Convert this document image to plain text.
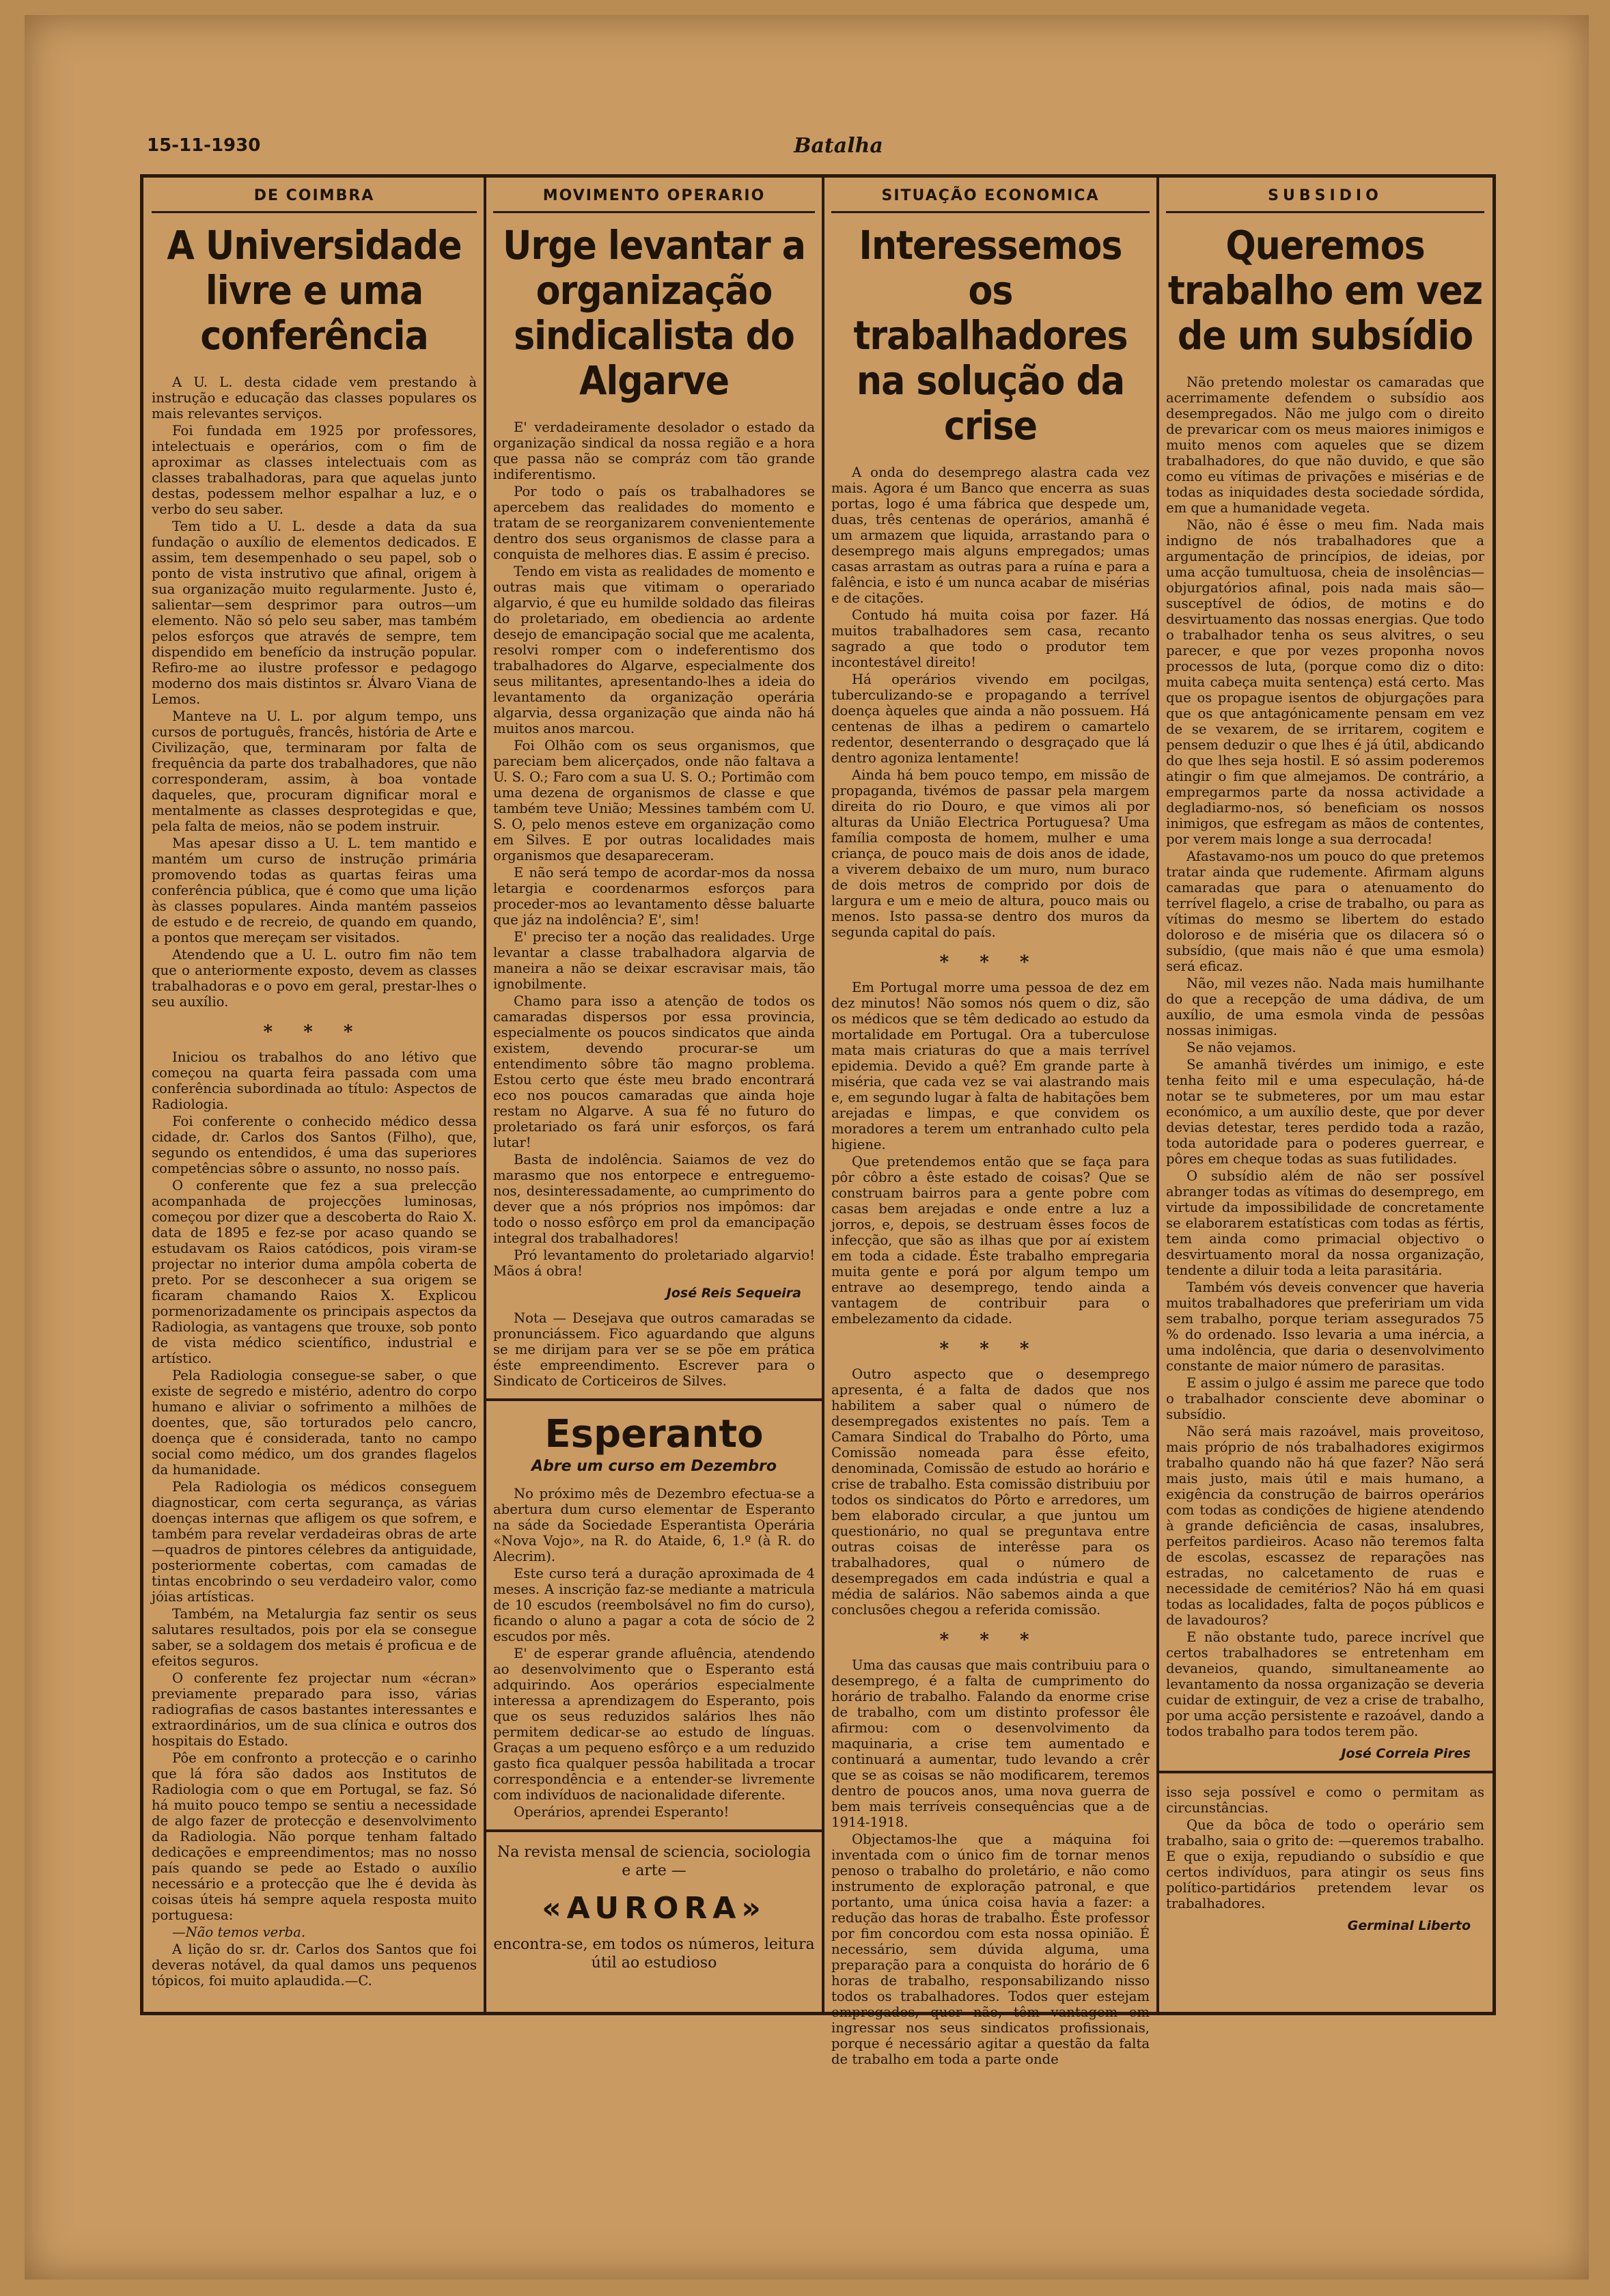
15-11-1930	Batalha
DE COIMBRA
A Universidade livre e uma conferência

A U. L. desta cidade vem prestando à instrução e educação das classes populares os mais relevantes serviços.

Foi fundada em 1925 por professores, intelectuais e operários, com o fim de aproximar as classes intelectuais com as classes trabalhadoras, para que aquelas junto destas, podessem melhor espalhar a luz, e o verbo do seu saber.

Tem tido a U. L. desde a data da sua fundação o auxílio de elementos dedicados. E assim, tem desempenhado o seu papel, sob o ponto de vista instrutivo que afinal, origem à sua organização muito regularmente. Justo é, salientar—sem desprimor para outros—um elemento. Não só pelo seu saber, mas também pelos esforços que através de sempre, tem dispendido em benefício da instrução popular. Refiro-me ao ilustre professor e pedagogo moderno dos mais distintos sr. Álvaro Viana de Lemos.

Manteve na U. L. por algum tempo, uns cursos de português, francês, história de Arte e Civilização, que, terminaram por falta de frequência da parte dos trabalhadores, que não corresponderam, assim, à boa vontade daqueles, que, procuram dignificar moral e mentalmente as classes desprotegidas e que, pela falta de meios, não se podem instruir.

Mas apesar disso a U. L. tem mantido e mantém um curso de instrução primária promovendo todas as quartas feiras uma conferência pública, que é como que uma lição às classes populares. Ainda mantém passeios de estudo e de recreio, de quando em quando, a pontos que mereçam ser visitados.

Atendendo que a U. L. outro fim não tem que o anteriormente exposto, devem as classes trabalhadoras e o povo em geral, prestar-lhes o seu auxílio.

* * *

Iniciou os trabalhos do ano létivo que começou na quarta feira passada com uma conferência subordinada ao título: Aspectos de Radiologia.

Foi conferente o conhecido médico dessa cidade, dr. Carlos dos Santos (Filho), que, segundo os entendidos, é uma das superiores competências sôbre o assunto, no nosso país.

O conferente que fez a sua prelecção acompanhada de projecções luminosas, começou por dizer que a descoberta do Raio X. data de 1895 e fez-se por acaso quando se estudavam os Raios catódicos, pois viram-se projectar no interior duma ampôla coberta de preto. Por se desconhecer a sua origem se ficaram chamando Raios X. Explicou pormenorizadamente os principais aspectos da Radiologia, as vantagens que trouxe, sob ponto de vista médico scientífico, industrial e artístico.

Pela Radiologia consegue-se saber, o que existe de segredo e mistério, adentro do corpo humano e aliviar o sofrimento a milhões de doentes, que, são torturados pelo cancro, doença que é considerada, tanto no campo social como médico, um dos grandes flagelos da humanidade.

Pela Radiologia os médicos conseguem diagnosticar, com certa segurança, as várias doenças internas que afligem os que sofrem, e também para revelar verdadeiras obras de arte—quadros de pintores célebres da antiguidade, posteriormente cobertas, com camadas de tintas encobrindo o seu verdadeiro valor, como jóias artísticas.

Também, na Metalurgia faz sentir os seus salutares resultados, pois por ela se consegue saber, se a soldagem dos metais é proficua e de efeitos seguros.

O conferente fez projectar num «écran» previamente preparado para isso, várias radiografias de casos bastantes interessantes e extraordinários, um de sua clínica e outros dos hospitais do Estado.

Pôe em confronto a protecção e o carinho que lá fóra são dados aos Institutos de Radiologia com o que em Portugal, se faz. Só há muito pouco tempo se sentiu a necessidade de algo fazer de protecção e desenvolvimento da Radiologia. Não porque tenham faltado dedicações e empreendimentos; mas no nosso país quando se pede ao Estado o auxílio necessário e a protecção que lhe é devida às coisas úteis há sempre aquela resposta muito portuguesa:

—Não temos verba.

A lição do sr. dr. Carlos dos Santos que foi deveras notável, da qual damos uns pequenos tópicos, foi muito aplaudida.—C.

MOVIMENTO OPERARIO
Urge levantar a organização sindicalista do Algarve

E' verdadeiramente desolador o estado da organização sindical da nossa região e a hora que passa não se compráz com tão grande indiferentismo.

Por todo o país os trabalhadores se apercebem das realidades do momento e tratam de se reorganizarem convenientemente dentro dos seus organismos de classe para a conquista de melhores dias. E assim é preciso.

Tendo em vista as realidades de momento e outras mais que vitimam o operariado algarvio, é que eu humilde soldado das fileiras do proletariado, em obediencia ao ardente desejo de emancipação social que me acalenta, resolvi romper com o indeferentismo dos trabalhadores do Algarve, especialmente dos seus militantes, apresentando-lhes a ideia do levantamento da organização operária algarvia, dessa organização que ainda não há muitos anos marcou.

Foi Olhão com os seus organismos, que pareciam bem alicerçados, onde não faltava a U. S. O.; Faro com a sua U. S. O.; Portimão com uma dezena de organismos de classe e que também teve União; Messines também com U. S. O, pelo menos esteve em organização como em Silves. E por outras localidades mais organismos que desapareceram.

E não será tempo de acordar-mos da nossa letargia e coordenarmos esforços para proceder-mos ao levantamento dêsse baluarte que jáz na indolência? E', sim!

E' preciso ter a noção das realidades. Urge levantar a classe trabalhadora algarvia de maneira a não se deixar escravisar mais, tão ignobilmente.

Chamo para isso a atenção de todos os camaradas dispersos por essa provincia, especialmente os poucos sindicatos que ainda existem, devendo procurar-se um entendimento sôbre tão magno problema. Estou certo que éste meu brado encontrará eco nos poucos camaradas que ainda hoje restam no Algarve. A sua fé no futuro do proletariado os fará unir esforços, os fará lutar!

Basta de indolência. Saiamos de vez do marasmo que nos entorpece e entreguemo-nos, desinteressadamente, ao cumprimento do dever que a nós próprios nos impômos: dar todo o nosso esfôrço em prol da emancipação integral dos trabalhadores!

Pró levantamento do proletariado algarvio! Mãos á obra!

José Reis Sequeira

Nota — Desejava que outros camaradas se pronunciássem. Fico aguardando que alguns se me dirijam para ver se se põe em prática éste empreendimento. Escrever para o Sindicato de Corticeiros de Silves.

Esperanto
Abre um curso em Dezembro

No próximo mês de Dezembro efectua-se a abertura dum curso elementar de Esperanto na sáde da Sociedade Esperantista Operária «Nova Vojo», na R. do Ataide, 6, 1.º (à R. do Alecrim).

Este curso terá a duração aproximada de 4 meses. A inscrição faz-se mediante a matricula de 10 escudos (reembolsável no fim do curso), ficando o aluno a pagar a cota de sócio de 2 escudos por mês.

E' de esperar grande afluência, atendendo ao desenvolvimento que o Esperanto está adquirindo. Aos operários especialmente interessa a aprendizagem do Esperanto, pois que os seus reduzidos salários lhes não permitem dedicar-se ao estudo de línguas. Graças a um pequeno esfôrço e a um reduzido gasto fica qualquer pessôa habilitada a trocar correspondência e a entender-se livremente com indivíduos de nacionalidade diferente.

Operários, aprendei Esperanto!

Na revista mensal de sciencia, sociologia e arte —
«AURORA»
encontra-se, em todos os números, leitura útil ao estudioso
SITUAÇÃO ECONOMICA
Interessemos os trabalhadores na solução da crise

A onda do desemprego alastra cada vez mais. Agora é um Banco que encerra as suas portas, logo é uma fábrica que despede um, duas, três centenas de operários, amanhã é um armazem que liquida, arrastando para o desemprego mais alguns empregados; umas casas arrastam as outras para a ruína e para a falência, e isto é um nunca acabar de misérias e de citações.

Contudo há muita coisa por fazer. Há muitos trabalhadores sem casa, recanto sagrado a que todo o produtor tem incontestável direito!

Há operários vivendo em pocilgas, tuberculizando-se e propagando a terrível doença àqueles que ainda a não possuem. Há centenas de ilhas a pedirem o camartelo redentor, desenterrando o desgraçado que lá dentro agoniza lentamente!

Ainda há bem pouco tempo, em missão de propaganda, tivémos de passar pela margem direita do rio Douro, e que vimos ali por alturas da União Electrica Portuguesa? Uma família composta de homem, mulher e uma criança, de pouco mais de dois anos de idade, a viverem debaixo de um muro, num buraco de dois metros de comprido por dois de largura e um e meio de altura, pouco mais ou menos. Isto passa-se dentro dos muros da segunda capital do país.

* * *

Em Portugal morre uma pessoa de dez em dez minutos! Não somos nós quem o diz, são os médicos que se têm dedicado ao estudo da mortalidade em Portugal. Ora a tuberculose mata mais criaturas do que a mais terrível epidemia. Devido a quê? Em grande parte à miséria, que cada vez se vai alastrando mais e, em segundo lugar à falta de habitações bem arejadas e limpas, e que convidem os moradores a terem um entranhado culto pela higiene.

Que pretendemos então que se faça para pôr côbro a êste estado de coisas? Que se construam bairros para a gente pobre com casas bem arejadas e onde entre a luz a jorros, e, depois, se destruam êsses focos de infecção, que são as ilhas que por aí existem em toda a cidade. Éste trabalho empregaria muita gente e porá por algum tempo um entrave ao desemprego, tendo ainda a vantagem de contribuir para o embelezamento da cidade.

* * *

Outro aspecto que o desemprego apresenta, é a falta de dados que nos habilitem a saber qual o número de desempregados existentes no país. Tem a Camara Sindical do Trabalho do Pôrto, uma Comissão nomeada para êsse efeito, denominada, Comissão de estudo ao horário e crise de trabalho. Esta comissão distribuiu por todos os sindicatos do Pôrto e arredores, um bem elaborado circular, a que juntou um questionário, no qual se preguntava entre outras coisas de interêsse para os trabalhadores, qual o número de desempregados em cada indústria e qual a média de salários. Não sabemos ainda a que conclusões chegou a referida comissão.

* * *

Uma das causas que mais contribuiu para o desemprego, é a falta de cumprimento do horário de trabalho. Falando da enorme crise de trabalho, com um distinto professor êle afirmou: com o desenvolvimento da maquinaria, a crise tem aumentado e continuará a aumentar, tudo levando a crêr que se as coisas se não modificarem, teremos dentro de poucos anos, uma nova guerra de bem mais terríveis consequências que a de 1914-1918.

Objectamos-lhe que a máquina foi inventada com o único fim de tornar menos penoso o trabalho do proletário, e não como instrumento de exploração patronal, e que portanto, uma única coisa havia a fazer: a redução das horas de trabalho. Êste professor por fim concordou com esta nossa opinião. É necessário, sem dúvida alguma, uma preparação para a conquista do horário de 6 horas de trabalho, responsabilizando nisso todos os trabalhadores. Todos quer estejam empregados, quer não, têm vantagem em ingressar nos seus sindicatos profissionais, porque é necessário agitar a questão da falta de trabalho em toda a parte onde

SUBSIDIO
Queremos trabalho em vez de um subsídio

Não pretendo molestar os camaradas que acerrimamente defendem o subsídio aos desempregados. Não me julgo com o direito de prevaricar com os meus maiores inimigos e muito menos com aqueles que se dizem trabalhadores, do que não duvido, e que são como eu vítimas de privações e misérias e de todas as iniquidades desta sociedade sórdida, em que a humanidade vegeta.

Não, não é êsse o meu fim. Nada mais indigno de nós trabalhadores que a argumentação de princípios, de ideias, por uma acção tumultuosa, cheia de insolências—objurgatórios afinal, pois nada mais são—susceptível de ódios, de motins e do desvirtuamento das nossas energias. Que todo o trabalhador tenha os seus alvitres, o seu parecer, e que por vezes proponha novos processos de luta, (porque como diz o dito: muita cabeça muita sentença) está certo. Mas que os propague isentos de objurgações para que os que antagónicamente pensam em vez de se vexarem, de se irritarem, cogitem e pensem deduzir o que lhes é já útil, abdicando do que lhes seja hostil. E só assim poderemos atingir o fim que almejamos. De contrário, a empregarmos parte da nossa actividade a degladiarmo-nos, só beneficiam os nossos inimigos, que esfregam as mãos de contentes, por verem mais longe a sua derrocada!

Afastavamo-nos um pouco do que pretemos tratar ainda que rudemente. Afirmam alguns camaradas que para o atenuamento do terrível flagelo, a crise de trabalho, ou para as vítimas do mesmo se libertem do estado doloroso e de miséria que os dilacera só o subsídio, (que mais não é que uma esmola) será eficaz.

Não, mil vezes não. Nada mais humilhante do que a recepção de uma dádiva, de um auxílio, de uma esmola vinda de pessôas nossas inimigas.

Se não vejamos.

Se amanhã tivérdes um inimigo, e este tenha feito mil e uma especulação, há-de notar se te submeteres, por um mau estar económico, a um auxílio deste, que por dever devias detestar, teres perdido toda a razão, toda autoridade para o poderes guerrear, e pôres em cheque todas as suas futilidades.

O subsídio além de não ser possível abranger todas as vítimas do desemprego, em virtude da impossibilidade de concretamente se elaborarem estatísticas com todas as fértis, tem ainda como primacial objectivo o desvirtuamento moral da nossa organização, tendente a diluir toda a leita parasitária.

Também vós deveis convencer que haveria muitos trabalhadores que prefeririam um vida sem trabalho, porque teriam assegurados 75 % do ordenado. Isso levaria a uma inércia, a uma indolência, que daria o desenvolvimento constante de maior número de parasitas.

E assim o julgo é assim me parece que todo o trabalhador consciente deve abominar o subsídio.

Não será mais razoável, mais proveitoso, mais próprio de nós trabalhadores exigirmos trabalho quando não há que fazer? Não será mais justo, mais útil e mais humano, a exigência da construção de bairros operários com todas as condições de higiene atendendo à grande deficiência de casas, insalubres, perfeitos pardieiros. Acaso não teremos falta de escolas, escassez de reparações nas estradas, no calcetamento de ruas e necessidade de cemitérios? Não há em quasi todas as localidades, falta de poços públicos e de lavadouros?

E não obstante tudo, parece incrível que certos trabalhadores se entretenham em devaneios, quando, simultaneamente ao levantamento da nossa organização se deveria cuidar de extinguir, de vez a crise de trabalho, por uma acção persistente e razoável, dando a todos trabalho para todos terem pão.

José Correia Pires

isso seja possível e como o permitam as circunstâncias.

Que da bôca de todo o operário sem trabalho, saia o grito de: —queremos trabalho. E que o exija, repudiando o subsídio e que certos indivíduos, para atingir os seus fins político-partidários pretendem levar os trabalhadores.

Germinal Liberto
